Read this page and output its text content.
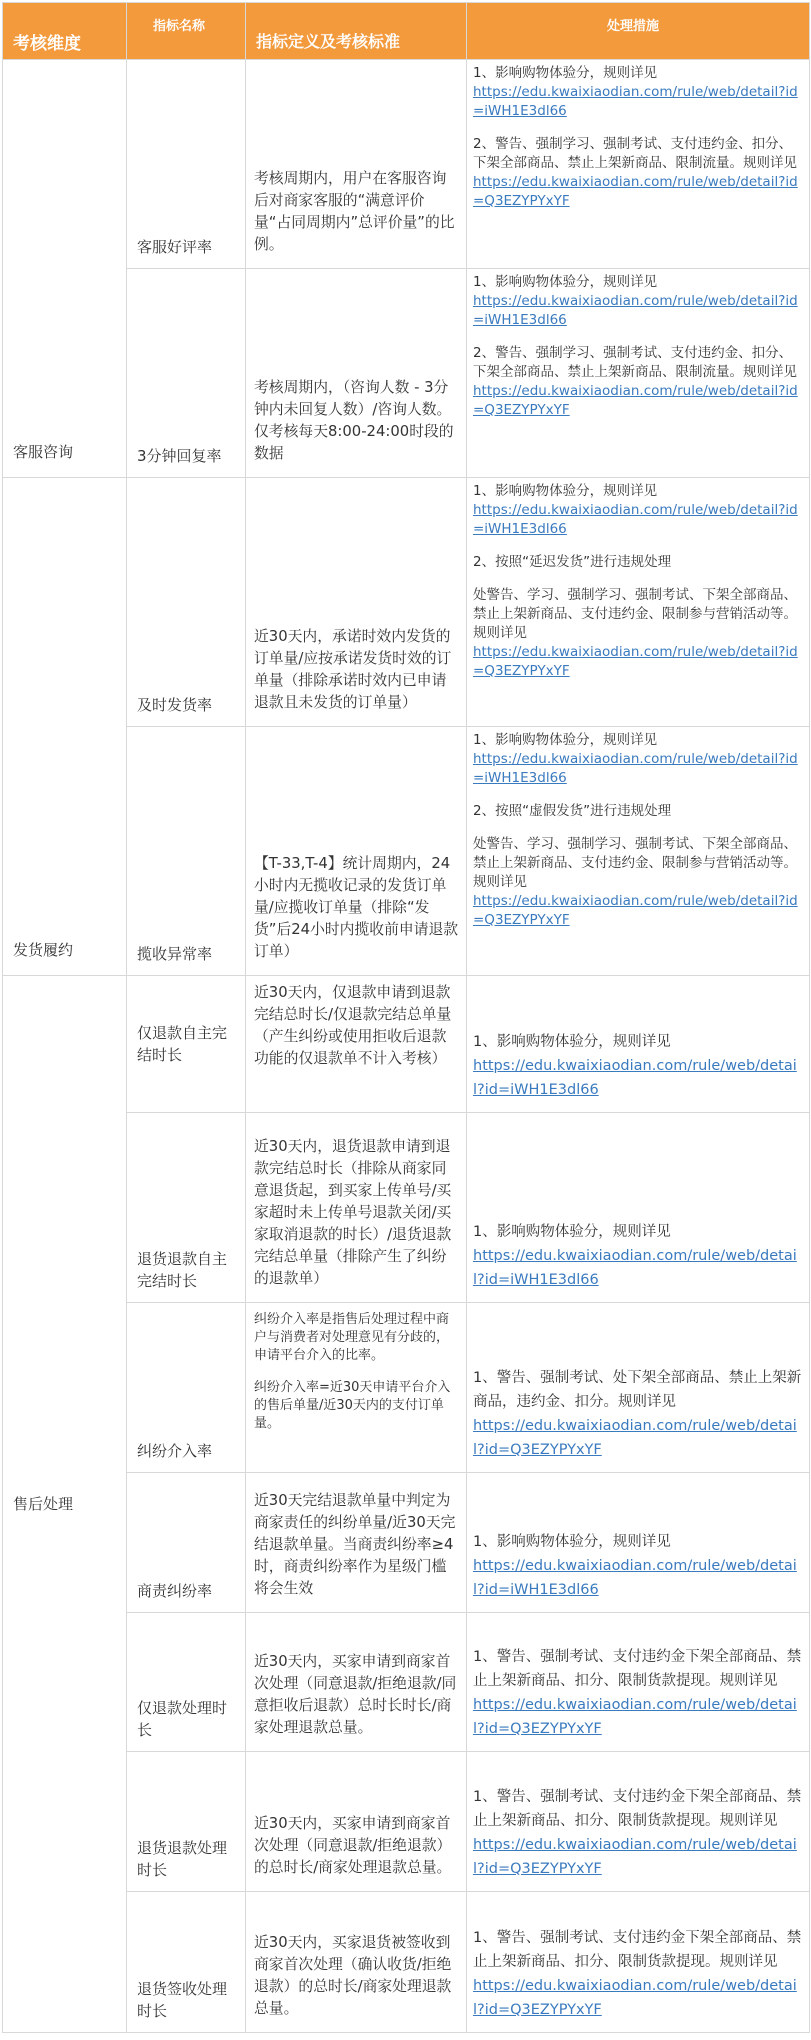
考核维度	指标名称	指标定义及考核标准	处理措施

客服咨询	客服好评率	考核周期内，用户在客服咨询后对商家客服的“满意评价量“占同周期内”总评价量”的比例。	1、影响购物体验分，规则详见
https://edu.kwaixiaodian.com/rule/web/detail?id=iWH1E3dl66
2、警告、强制学习、强制考试、支付违约金、扣分、下架全部商品、禁止上架新商品、限制流量。规则详见
https://edu.kwaixiaodian.com/rule/web/detail?id=Q3EZYPYxYF

	3分钟回复率	考核周期内，（咨询人数 - 3分钟内未回复人数）/咨询人数。仅考核每天8:00-24:00时段的数据	1、影响购物体验分，规则详见
https://edu.kwaixiaodian.com/rule/web/detail?id=iWH1E3dl66
2、警告、强制学习、强制考试、支付违约金、扣分、下架全部商品、禁止上架新商品、限制流量。规则详见
https://edu.kwaixiaodian.com/rule/web/detail?id=Q3EZYPYxYF

发货履约	及时发货率	近30天内，承诺时效内发货的订单量/应按承诺发货时效的订单量（排除承诺时效内已申请退款且未发货的订单量）	1、影响购物体验分，规则详见
https://edu.kwaixiaodian.com/rule/web/detail?id=iWH1E3dl66
2、按照“延迟发货”进行违规处理
处警告、学习、强制学习、强制考试、下架全部商品、禁止上架新商品、支付违约金、限制参与营销活动等。规则详见
https://edu.kwaixiaodian.com/rule/web/detail?id=Q3EZYPYxYF

	揽收异常率	【T-33,T-4】统计周期内，24小时内无揽收记录的发货订单量/应揽收订单量（排除“发货”后24小时内揽收前申请退款订单）	1、影响购物体验分，规则详见
https://edu.kwaixiaodian.com/rule/web/detail?id=iWH1E3dl66
2、按照“虚假发货”进行违规处理
处警告、学习、强制学习、强制考试、下架全部商品、禁止上架新商品、支付违约金、限制参与营销活动等。规则详见
https://edu.kwaixiaodian.com/rule/web/detail?id=Q3EZYPYxYF

售后处理	仅退款自主完结时长	近30天内，仅退款申请到退款完结总时长/仅退款完结总单量（产生纠纷或使用拒收后退款功能的仅退款单不计入考核）	1、影响购物体验分，规则详见
https://edu.kwaixiaodian.com/rule/web/detail?id=iWH1E3dl66

	退货退款自主完结时长	近30天内，退货退款申请到退款完结总时长（排除从商家同意退货起，到买家上传单号/买家超时未上传单号退款关闭/买家取消退款的时长）/退货退款完结总单量（排除产生了纠纷的退款单）	1、影响购物体验分，规则详见
https://edu.kwaixiaodian.com/rule/web/detail?id=iWH1E3dl66

	纠纷介入率	纠纷介入率是指售后处理过程中商户与消费者对处理意见有分歧的，申请平台介入的比率。
纠纷介入率=近30天申请平台介入的售后单量/近30天内的支付订单量。	1、警告、强制考试、处下架全部商品、禁止上架新商品，违约金、扣分。规则详见
https://edu.kwaixiaodian.com/rule/web/detail?id=Q3EZYPYxYF

	商责纠纷率	近30天完结退款单量中判定为商家责任的纠纷单量/近30天完结退款单量。当商责纠纷率≥4时，商责纠纷率作为星级门槛将会生效	1、影响购物体验分，规则详见
https://edu.kwaixiaodian.com/rule/web/detail?id=iWH1E3dl66

	仅退款处理时长	近30天内，买家申请到商家首次处理（同意退款/拒绝退款/同意拒收后退款）总时长时长/商家处理退款总量。	1、警告、强制考试、支付违约金下架全部商品、禁止上架新商品、扣分、限制货款提现。规则详见
https://edu.kwaixiaodian.com/rule/web/detail?id=Q3EZYPYxYF

	退货退款处理时长	近30天内，买家申请到商家首次处理（同意退款/拒绝退款）的总时长/商家处理退款总量。	1、警告、强制考试、支付违约金下架全部商品、禁止上架新商品、扣分、限制货款提现。规则详见
https://edu.kwaixiaodian.com/rule/web/detail?id=Q3EZYPYxYF

	退货签收处理时长	近30天内，买家退货被签收到商家首次处理（确认收货/拒绝退款）的总时长/商家处理退款总量。	1、警告、强制考试、支付违约金下架全部商品、禁止上架新商品、扣分、限制货款提现。规则详见
https://edu.kwaixiaodian.com/rule/web/detail?id=Q3EZYPYxYF
